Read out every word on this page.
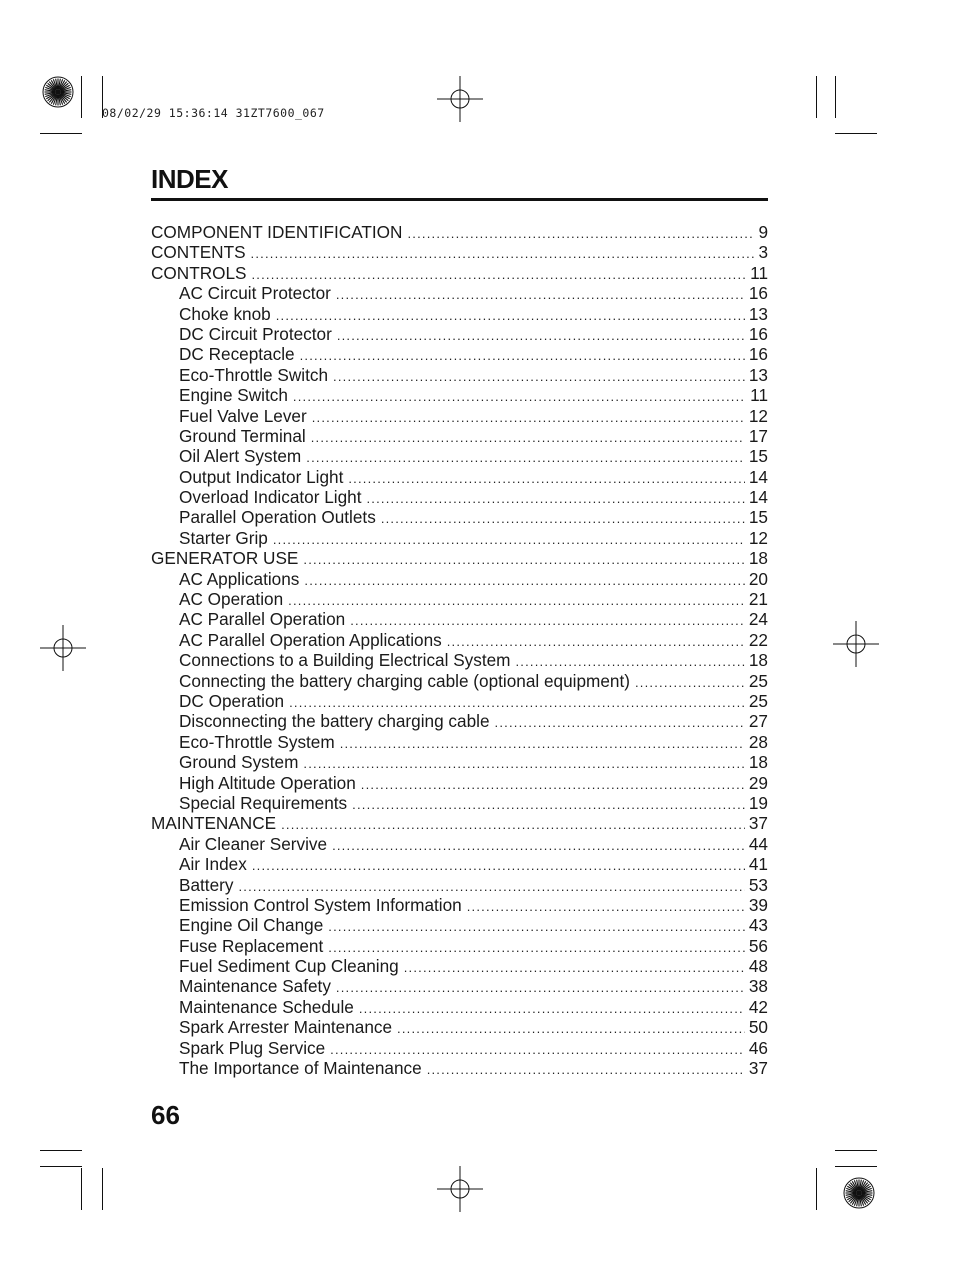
08/02/29 15:36:14 31ZT7600_067
INDEX
COMPONENT IDENTIFICATION .....	9
CONTENTS .....	3
CONTROLS .....	11
AC Circuit Protector .....	16
Choke knob .....	13
DC Circuit Protector .....	16
DC Receptacle .....	16
Eco-Throttle Switch .....	13
Engine Switch .....	11
Fuel Valve Lever .....	12
Ground Terminal .....	17
Oil Alert System .....	15
Output Indicator Light .....	14
Overload Indicator Light .....	14
Parallel Operation Outlets .....	15
Starter Grip .....	12
GENERATOR USE .....	18
AC Applications .....	20
AC Operation .....	21
AC Parallel Operation .....	24
AC Parallel Operation Applications .....	22
Connections to a Building Electrical System .....	18
Connecting the battery charging cable (optional equipment) .....	25
DC Operation .....	25
Disconnecting the battery charging cable .....	27
Eco-Throttle System .....	28
Ground System .....	18
High Altitude Operation .....	29
Special Requirements .....	19
MAINTENANCE .....	37
Air Cleaner Servive .....	44
Air Index .....	41
Battery .....	53
Emission Control System Information .....	39
Engine Oil Change .....	43
Fuse Replacement .....	56
Fuel Sediment Cup Cleaning .....	48
Maintenance Safety .....	38
Maintenance Schedule .....	42
Spark Arrester Maintenance .....	50
Spark Plug Service .....	46
The Importance of Maintenance .....	37
66
